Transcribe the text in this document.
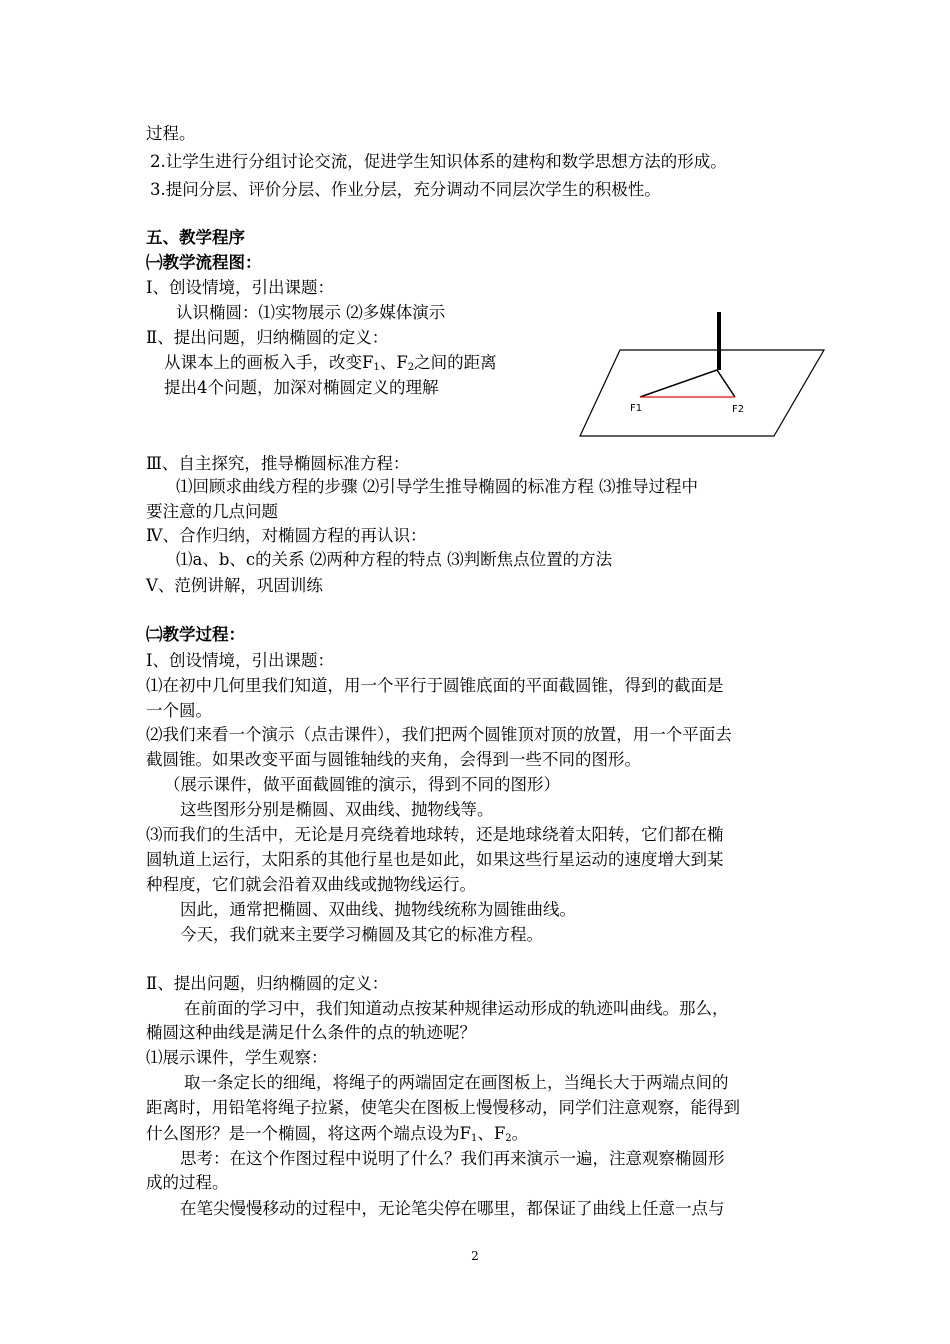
过程。
2.让学生进行分组讨论交流，促进学生知识体系的建构和数学思想方法的形成。
3.提问分层、评价分层、作业分层，充分调动不同层次学生的积极性。
五、教学程序
㈠教学流程图：
Ⅰ、创设情境，引出课题：
认识椭圆：⑴实物展示 ⑵多媒体演示
Ⅱ、提出问题，归纳椭圆的定义：
从课本上的画板入手，改变$F_1$、$F_2$之间的距离
提出4个问题，加深对椭圆定义的理解
F1	F2
Ⅲ、自主探究，推导椭圆标准方程：
⑴回顾求曲线方程的步骤 ⑵引导学生推导椭圆的标准方程 ⑶推导过程中
要注意的几点问题
Ⅳ、合作归纳，对椭圆方程的再认识：
⑴a、b、c的关系 ⑵两种方程的特点 ⑶判断焦点位置的方法
Ⅴ、范例讲解，巩固训练
㈡教学过程：
Ⅰ、创设情境，引出课题：
⑴在初中几何里我们知道，用一个平行于圆锥底面的平面截圆锥，得到的截面是
一个圆。
⑵我们来看一个演示（点击课件），我们把两个圆锥顶对顶的放置，用一个平面去
截圆锥。如果改变平面与圆锥轴线的夹角，会得到一些不同的图形。
（展示课件，做平面截圆锥的演示，得到不同的图形）
这些图形分别是椭圆、双曲线、抛物线等。
⑶而我们的生活中，无论是月亮绕着地球转，还是地球绕着太阳转，它们都在椭
圆轨道上运行，太阳系的其他行星也是如此，如果这些行星运动的速度增大到某
种程度，它们就会沿着双曲线或抛物线运行。
因此，通常把椭圆、双曲线、抛物线统称为圆锥曲线。
今天，我们就来主要学习椭圆及其它的标准方程。
Ⅱ、提出问题，归纳椭圆的定义：
在前面的学习中，我们知道动点按某种规律运动形成的轨迹叫曲线。那么，
椭圆这种曲线是满足什么条件的点的轨迹呢？
⑴展示课件，学生观察：
取一条定长的细绳，将绳子的两端固定在画图板上，当绳长大于两端点间的
距离时，用铅笔将绳子拉紧，使笔尖在图板上慢慢移动，同学们注意观察，能得到
什么图形？是一个椭圆，将这两个端点设为$F_1$、$F_2$。
思考：在这个作图过程中说明了什么？我们再来演示一遍，注意观察椭圆形
成的过程。
在笔尖慢慢移动的过程中，无论笔尖停在哪里，都保证了曲线上任意一点与
2
